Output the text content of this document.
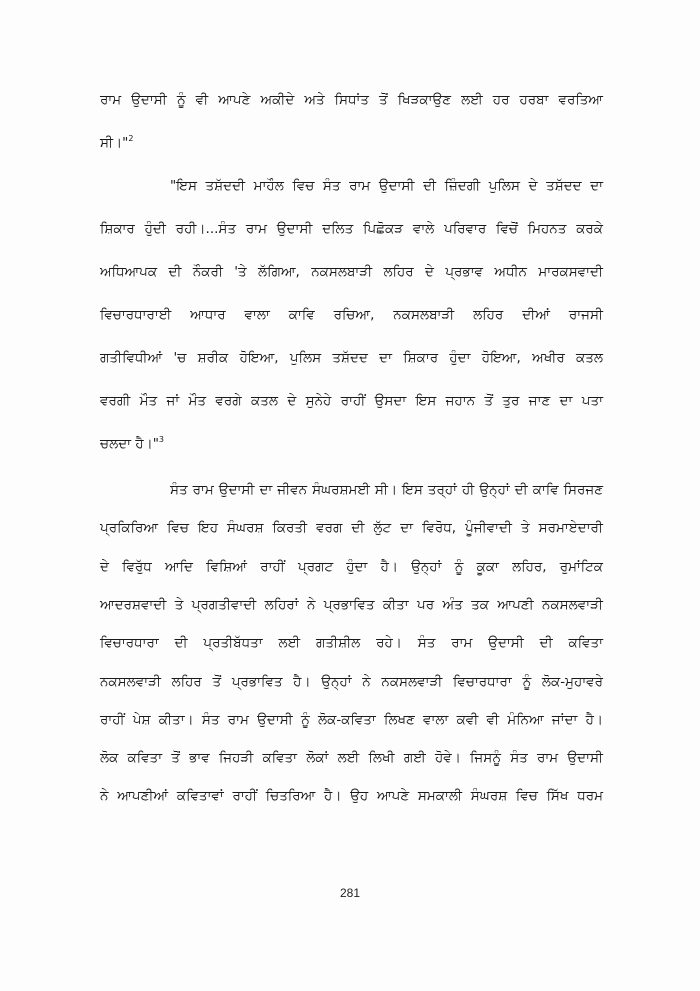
ਰਾਮ ਉਦਾਸੀ ਨੂੰ ਵੀ ਆਪਣੇ ਅਕੀਦੇ ਅਤੇ ਸਿਧਾਂਤ ਤੋਂ ਖਿੜਕਾਉਣ ਲਈ ਹਰ ਹਰਬਾ ਵਰਤਿਆ
ਸੀ।"$^2$
"ਇਸ ਤਸ਼ੱਦਦੀ ਮਾਹੌਲ ਵਿਚ ਸੰਤ ਰਾਮ ਉਦਾਸੀ ਦੀ ਜ਼ਿੰਦਗੀ ਪੁਲਿਸ ਦੇ ਤਸ਼ੱਦਦ ਦਾ
ਸ਼ਿਕਾਰ ਹੁੰਦੀ ਰਹੀ।...ਸੰਤ ਰਾਮ ਉਦਾਸੀ ਦਲਿਤ ਪਿਛੋਕੜ ਵਾਲੇ ਪਰਿਵਾਰ ਵਿਚੋਂ ਮਿਹਨਤ ਕਰਕੇ
ਅਧਿਆਪਕ ਦੀ ਨੌਕਰੀ 'ਤੇ ਲੱਗਿਆ, ਨਕਸਲਬਾੜੀ ਲਹਿਰ ਦੇ ਪ੍ਰਭਾਵ ਅਧੀਨ ਮਾਰਕਸਵਾਦੀ
ਵਿਚਾਰਧਾਰਾਈ ਆਧਾਰ ਵਾਲਾ ਕਾਵਿ ਰਚਿਆ, ਨਕਸਲਬਾੜੀ ਲਹਿਰ ਦੀਆਂ ਰਾਜਸੀ
ਗਤੀਵਿਧੀਆਂ 'ਚ ਸ਼ਰੀਕ ਹੋਇਆ, ਪੁਲਿਸ ਤਸ਼ੱਦਦ ਦਾ ਸ਼ਿਕਾਰ ਹੁੰਦਾ ਹੋਇਆ, ਅਖੀਰ ਕਤਲ
ਵਰਗੀ ਮੌਤ ਜਾਂ ਮੌਤ ਵਰਗੇ ਕਤਲ ਦੇ ਸੁਨੇਹੇ ਰਾਹੀਂ ਉਸਦਾ ਇਸ ਜਹਾਨ ਤੋਂ ਤੁਰ ਜਾਣ ਦਾ ਪਤਾ
ਚਲਦਾ ਹੈ।"$^3$
ਸੰਤ ਰਾਮ ਉਦਾਸੀ ਦਾ ਜੀਵਨ ਸੰਘਰਸ਼ਮਈ ਸੀ। ਇਸ ਤਰ੍ਹਾਂ ਹੀ ਉਨ੍ਹਾਂ ਦੀ ਕਾਵਿ ਸਿਰਜਣ
ਪ੍ਰਕਿਰਿਆ ਵਿਚ ਇਹ ਸੰਘਰਸ਼ ਕਿਰਤੀ ਵਰਗ ਦੀ ਲੁੱਟ ਦਾ ਵਿਰੋਧ, ਪੂੰਜੀਵਾਦੀ ਤੇ ਸਰਮਾਏਦਾਰੀ
ਦੇ ਵਿਰੁੱਧ ਆਦਿ ਵਿਸ਼ਿਆਂ ਰਾਹੀਂ ਪ੍ਰਗਟ ਹੁੰਦਾ ਹੈ। ਉਨ੍ਹਾਂ ਨੂੰ ਕੂਕਾ ਲਹਿਰ, ਰੁਮਾਂਟਿਕ
ਆਦਰਸ਼ਵਾਦੀ ਤੇ ਪ੍ਰਗਤੀਵਾਦੀ ਲਹਿਰਾਂ ਨੇ ਪ੍ਰਭਾਵਿਤ ਕੀਤਾ ਪਰ ਅੰਤ ਤਕ ਆਪਣੀ ਨਕਸਲਵਾੜੀ
ਵਿਚਾਰਧਾਰਾ ਦੀ ਪ੍ਰਤੀਬੱਧਤਾ ਲਈ ਗਤੀਸ਼ੀਲ ਰਹੇ। ਸੰਤ ਰਾਮ ਉਦਾਸੀ ਦੀ ਕਵਿਤਾ
ਨਕਸਲਵਾੜੀ ਲਹਿਰ ਤੋਂ ਪ੍ਰਭਾਵਿਤ ਹੈ। ਉਨ੍ਹਾਂ ਨੇ ਨਕਸਲਵਾੜੀ ਵਿਚਾਰਧਾਰਾ ਨੂੰ ਲੋਕ-ਮੁਹਾਵਰੇ
ਰਾਹੀਂ ਪੇਸ਼ ਕੀਤਾ। ਸੰਤ ਰਾਮ ਉਦਾਸੀ ਨੂੰ ਲੋਕ-ਕਵਿਤਾ ਲਿਖਣ ਵਾਲਾ ਕਵੀ ਵੀ ਮੰਨਿਆ ਜਾਂਦਾ ਹੈ।
ਲੋਕ ਕਵਿਤਾ ਤੋਂ ਭਾਵ ਜਿਹੜੀ ਕਵਿਤਾ ਲੋਕਾਂ ਲਈ ਲਿਖੀ ਗਈ ਹੋਵੇ। ਜਿਸਨੂੰ ਸੰਤ ਰਾਮ ਉਦਾਸੀ
ਨੇ ਆਪਣੀਆਂ ਕਵਿਤਾਵਾਂ ਰਾਹੀਂ ਚਿਤਰਿਆ ਹੈ। ਉਹ ਆਪਣੇ ਸਮਕਾਲੀ ਸੰਘਰਸ਼ ਵਿਚ ਸਿੱਖ ਧਰਮ
281
